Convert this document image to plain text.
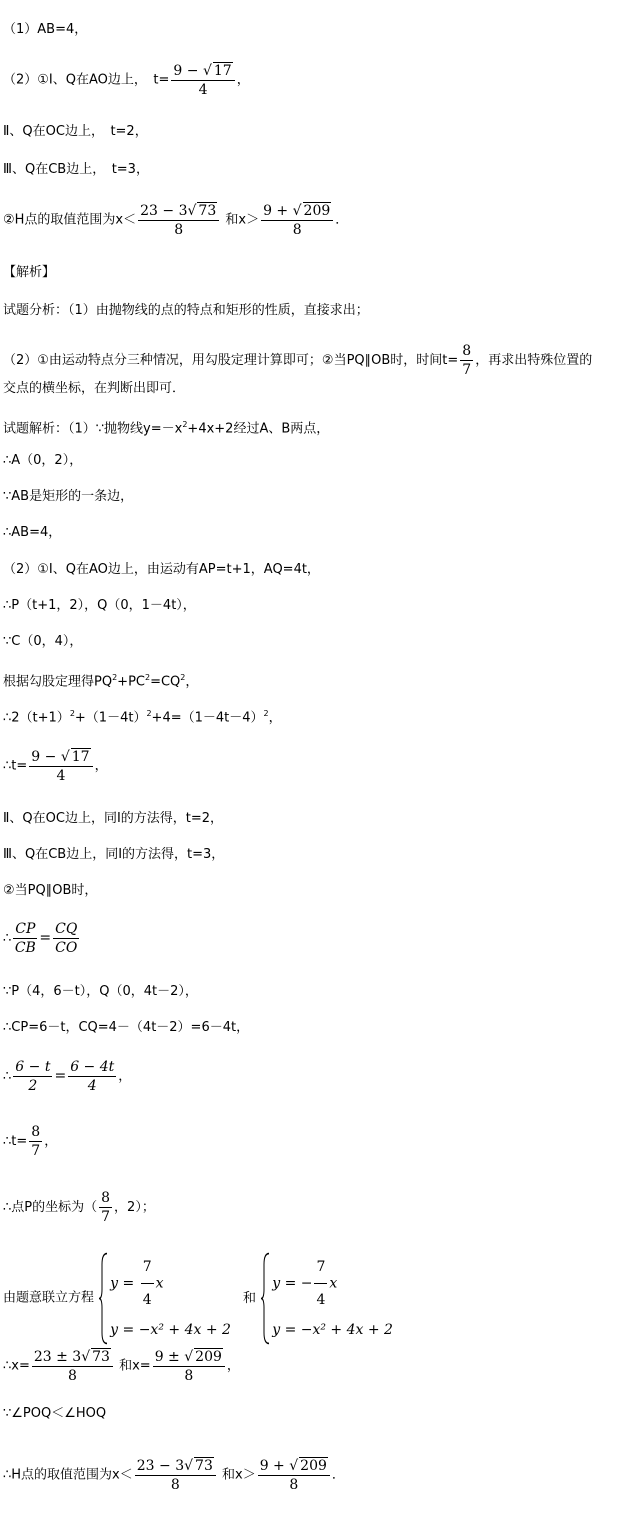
（1）AB=4，
（2）①Ⅰ、Q在AO边上，　$t= \frac{9 - √ 17}{4}$ ，
Ⅱ、Q在OC边上，　t=2，
Ⅲ、Q在CB边上，　t=3，
②H点的取值范围为$x< \frac{23 - 3√ 73}{8}$ 和$x> \frac{9 + √ 209}{8}$ ．
【解析】
试题分析：（1）由抛物线的点的特点和矩形的性质，直接求出；
（2）①由运动特点分三种情况，用勾股定理计算即可；②当PQ∥OB时，时间$t= \frac{8}{7}$ ，再求出特殊位置的
交点的横坐标，在判断出即可．
试题解析：（1）∵抛物线$y=-x^2+4x+2$经过A、B两点，
∴A（0，2），
∵AB是矩形的一条边，
∴AB=4，
（2）①Ⅰ、Q在AO边上，由运动有AP=t+1，AQ=4t，
∴P（t+1，2），Q（0，1－4t），
∵C（0，4），
根据勾股定理得$PQ^2+PC^2=CQ^2$，
$\therefore 2(t+1)^2+(1-4t)^2+4=(1-4t-4)^2$，
∴t= $\frac{9 - √ 17}{4}$ ，
Ⅱ、Q在OC边上，同Ⅰ的方法得，t=2，
Ⅲ、Q在CB边上，同Ⅰ的方法得，t=3，
②当PQ∥OB时，
∴ $\frac{CP}{CB} = \frac{CQ}{CO}$
∵P（4，6－t），Q（0，4t－2），
∴CP=6－t，CQ=4－（4t－2）=6－4t，
∴ $\frac{6 - t}{2} = \frac{6 - 4t}{4}$ ，
∴t= $\frac{8}{7}$ ，
∴点P的坐标为（ $\frac{8}{7}$ ，2）；
由题意联立方程
$y = \frac{7}{4}$ x
y = −x² + 4x + 2
和
y = − $\frac{7}{4}$ x
y = −x² + 4x + 2
∴x= $\frac{23 \pm 3√ 73}{8}$ 和$x= \frac{9 \pm √ 209}{8}$ ，
∵∠POQ＜∠HOQ
∴H点的取值范围为$x< \frac{23 - 3√ 73}{8}$ 和$x> \frac{9 + √ 209}{8}$ ．
